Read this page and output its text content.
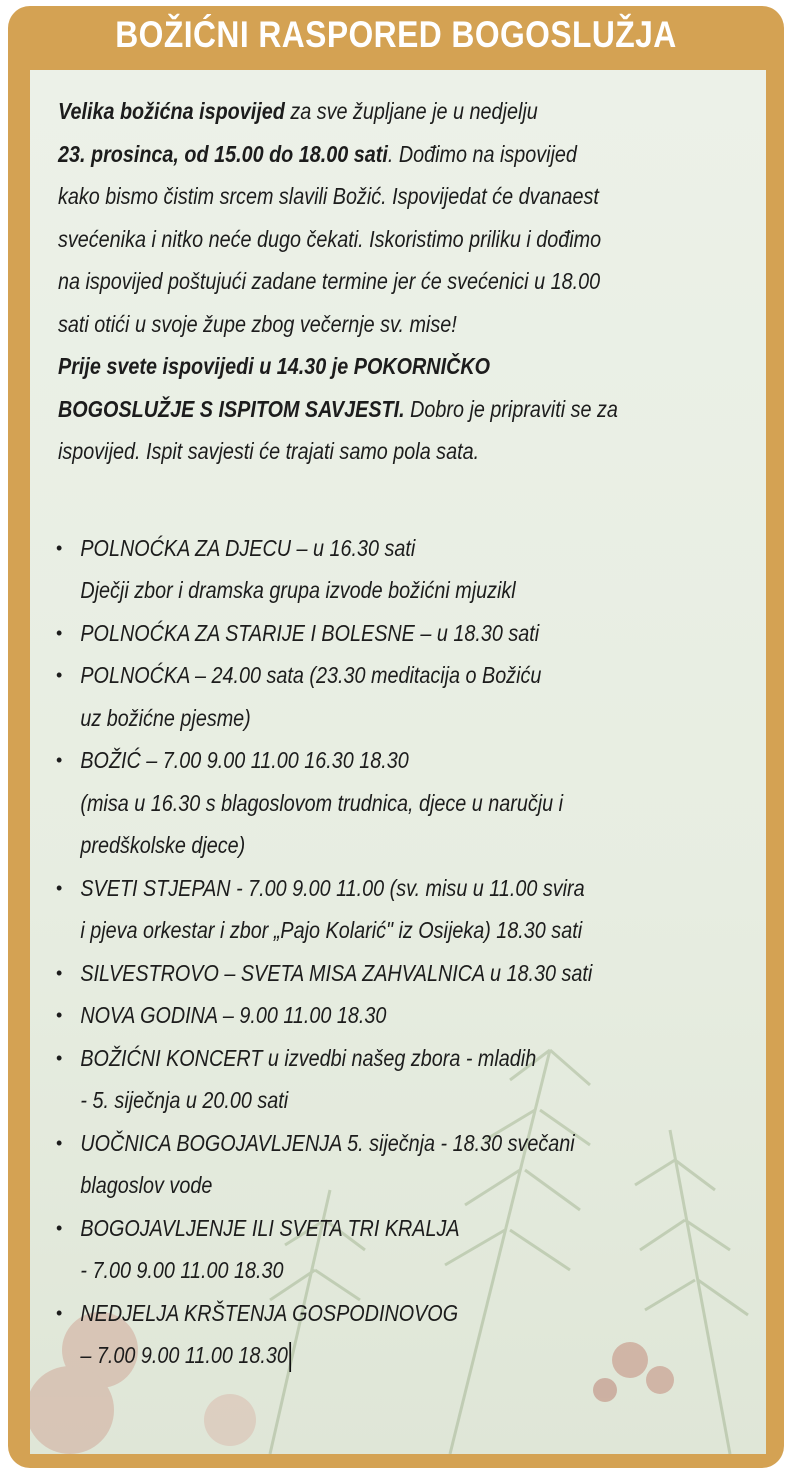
BOŽIĆNI RASPORED BOGOSLUŽJA
Velika božićna ispovijed za sve župljane je u nedjelju
23. prosinca, od 15.00 do 18.00 sati. Dođimo na ispovijed
kako bismo čistim srcem slavili Božić. Ispovijedat će dvanaest
svećenika i nitko neće dugo čekati. Iskoristimo priliku i dođimo
na ispovijed poštujući zadane termine jer će svećenici u 18.00
sati otići u svoje župe zbog večernje sv. mise!
Prije svete ispovijedi u 14.30 je POKORNIČKO
BOGOSLUŽJE S ISPITOM SAVJESTI. Dobro je pripraviti se za
ispovijed. Ispit savjesti će trajati samo pola sata.
• POLNOĆKA ZA DJECU – u 16.30 sati
Dječji zbor i dramska grupa izvode božićni mjuzikl
• POLNOĆKA ZA STARIJE I BOLESNE – u 18.30 sati
• POLNOĆKA – 24.00 sata (23.30 meditacija o Božiću
uz božićne pjesme)
• BOŽIĆ – 7.00 9.00 11.00 16.30 18.30
(misa u 16.30 s blagoslovom trudnica, djece u naručju i
predškolske djece)
• SVETI STJEPAN - 7.00 9.00 11.00 (sv. misu u 11.00 svira
i pjeva orkestar i zbor „Pajo Kolarić" iz Osijeka) 18.30 sati
• SILVESTROVO – SVETA MISA ZAHVALNICA u 18.30 sati
• NOVA GODINA – 9.00 11.00 18.30
• BOŽIĆNI KONCERT u izvedbi našeg zbora - mladih
- 5. siječnja u 20.00 sati
• UOČNICA BOGOJAVLJENJA 5. siječnja - 18.30 svečani
blagoslov vode
• BOGOJAVLJENJE ILI SVETA TRI KRALJA
- 7.00 9.00 11.00 18.30
• NEDJELJA KRŠTENJA GOSPODINOVOG
– 7.00 9.00 11.00 18.30
